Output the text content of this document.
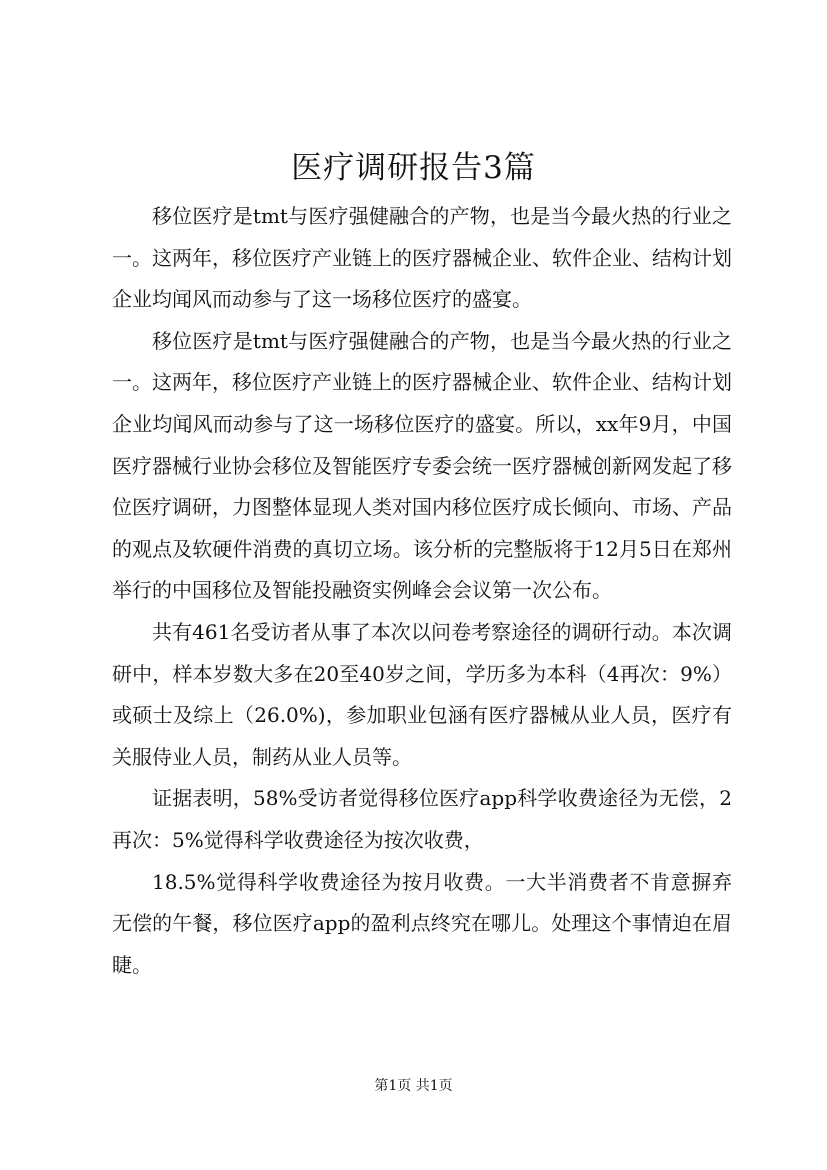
医疗调研报告3篇

移位医疗是tmt与医疗强健融合的产物，也是当今最火热的行业之一。这两年，移位医疗产业链上的医疗器械企业、软件企业、结构计划企业均闻风而动参与了这一场移位医疗的盛宴。

移位医疗是tmt与医疗强健融合的产物，也是当今最火热的行业之一。这两年，移位医疗产业链上的医疗器械企业、软件企业、结构计划企业均闻风而动参与了这一场移位医疗的盛宴。所以，xx年9月，中国医疗器械行业协会移位及智能医疗专委会统一医疗器械创新网发起了移位医疗调研，力图整体显现人类对国内移位医疗成长倾向、市场、产品的观点及软硬件消费的真切立场。该分析的完整版将于12月5日在郑州举行的中国移位及智能投融资实例峰会会议第一次公布。

共有461名受访者从事了本次以问卷考察途径的调研行动。本次调研中，样本岁数大多在20至40岁之间，学历多为本科（4再次：9%）或硕士及综上（26.0%)，参加职业包涵有医疗器械从业人员，医疗有关服侍业人员，制药从业人员等。

证据表明，58%受访者觉得移位医疗app科学收费途径为无偿，2再次：5%觉得科学收费途径为按次收费，

18.5%觉得科学收费途径为按月收费。一大半消费者不肯意摒弃无偿的午餐，移位医疗app的盈利点终究在哪儿。处理这个事情迫在眉睫。

第1页 共1页
